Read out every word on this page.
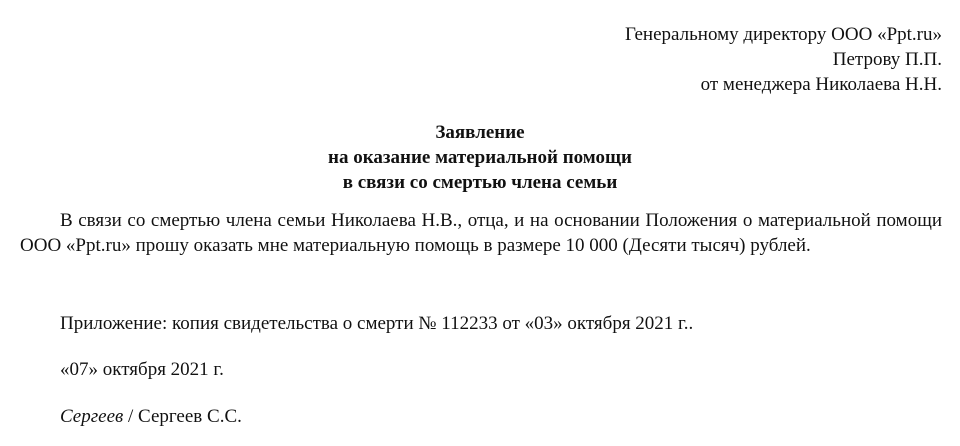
Генеральному директору ООО «Ppt.ru»
Петрову П.П.
от менеджера Николаева Н.Н.
Заявление
на оказание материальной помощи
в связи со смертью члена семьи

В связи со смертью члена семьи Николаева Н.В., отца, и на основании Положения о материальной помощи ООО «Ppt.ru» прошу оказать мне материальную помощь в размере 10 000 (Десяти тысяч) рублей.

Приложение: копия свидетельства о смерти № 112233 от «03» октября 2021 г..
«07» октября 2021 г.
Сергеев / Сергеев С.С.
